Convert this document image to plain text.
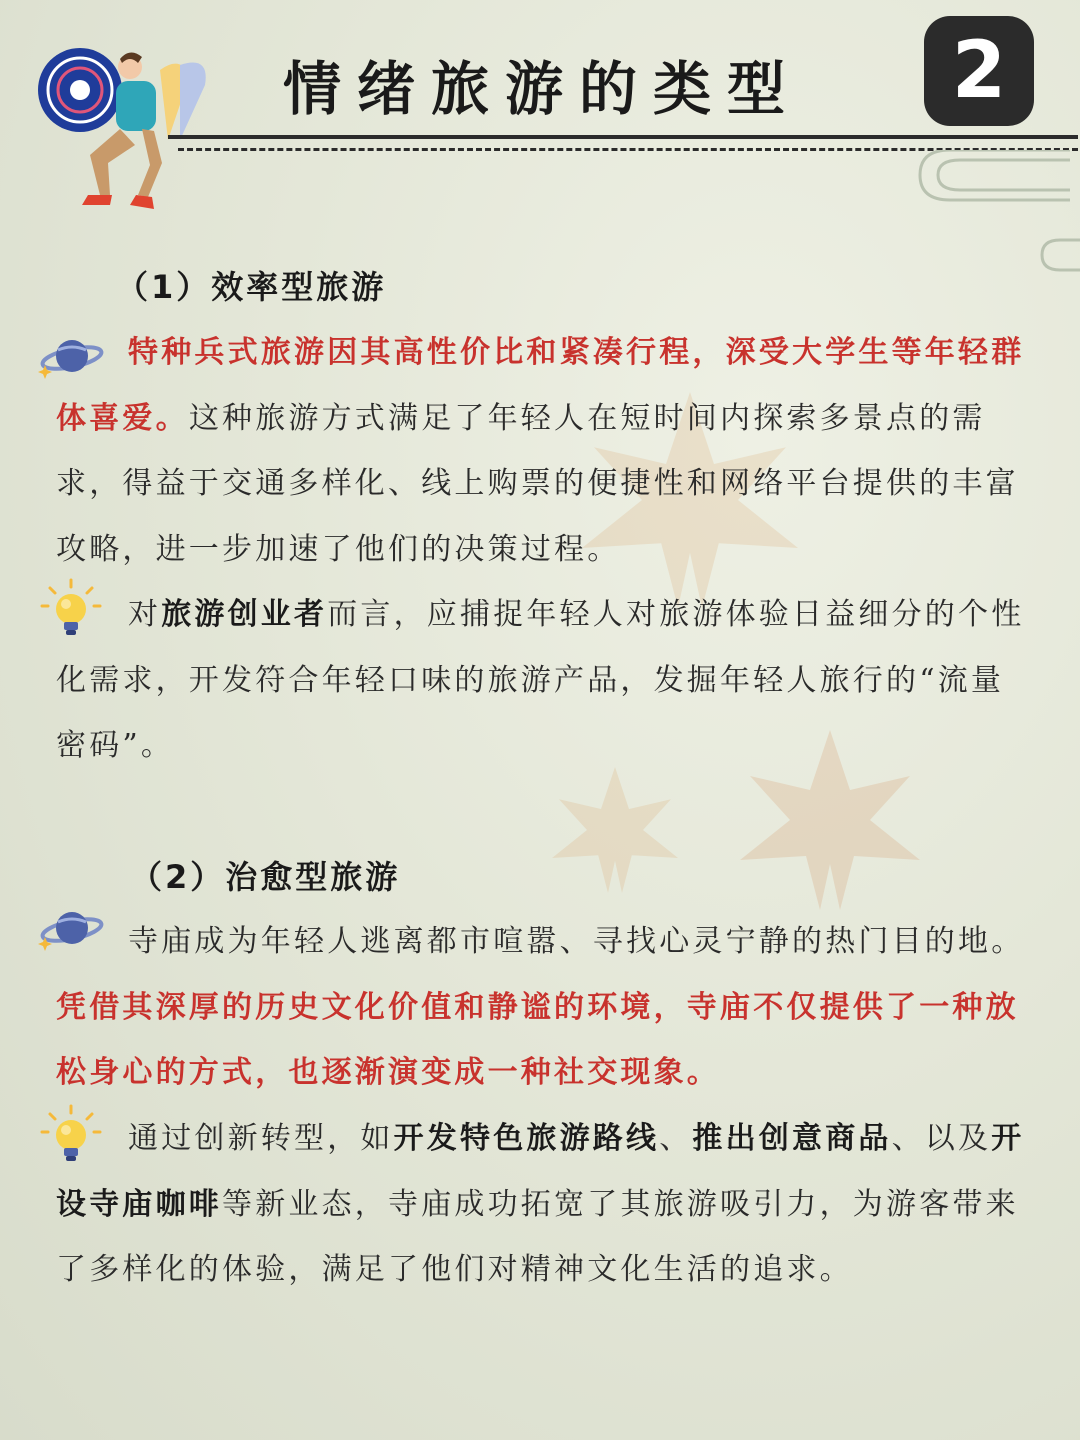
情绪旅游的类型	2
（1）效率型旅游

特种兵式旅游因其高性价比和紧凑行程，深受大学生等年轻群体喜爱。这种旅游方式满足了年轻人在短时间内探索多景点的需求，得益于交通多样化、线上购票的便捷性和网络平台提供的丰富攻略，进一步加速了他们的决策过程。

对旅游创业者而言，应捕捉年轻人对旅游体验日益细分的个性化需求，开发符合年轻口味的旅游产品，发掘年轻人旅行的“流量密码”。

（2）治愈型旅游

寺庙成为年轻人逃离都市喧嚣、寻找心灵宁静的热门目的地。凭借其深厚的历史文化价值和静谧的环境，寺庙不仅提供了一种放松身心的方式，也逐渐演变成一种社交现象。

通过创新转型，如开发特色旅游路线、推出创意商品、以及开设寺庙咖啡等新业态，寺庙成功拓宽了其旅游吸引力，为游客带来了多样化的体验，满足了他们对精神文化生活的追求。
